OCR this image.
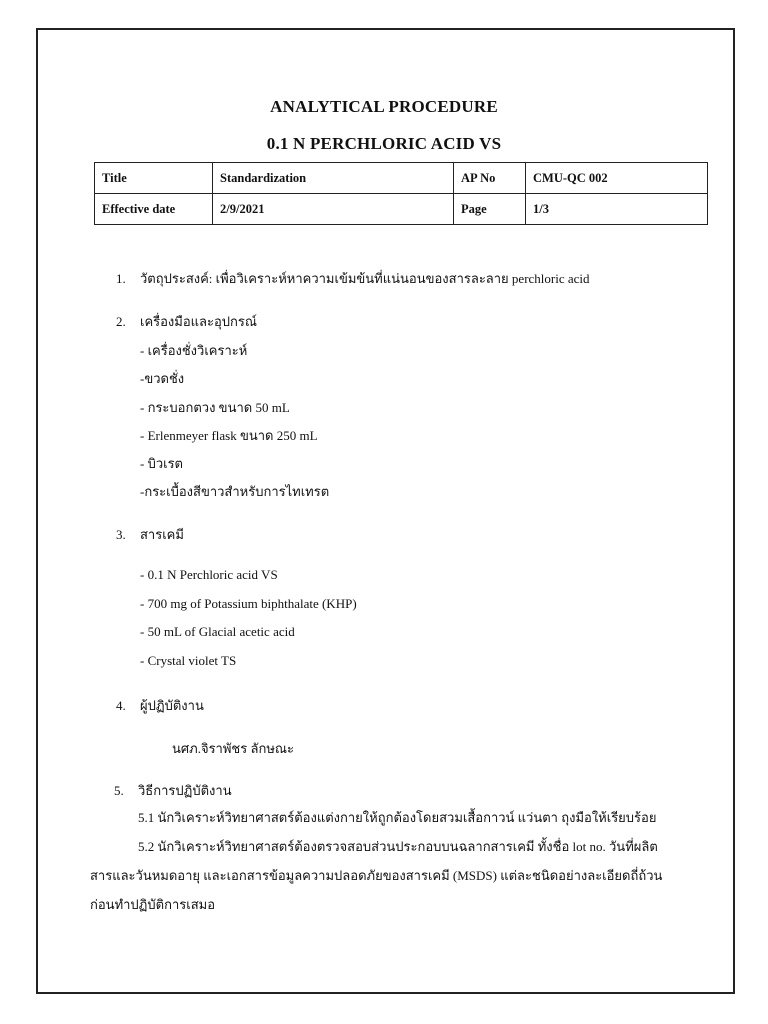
ANALYTICAL PROCEDURE
0.1 N PERCHLORIC ACID VS
Title	Standardization	AP No	CMU-QC 002
Effective date	2/9/2021	Page	1/3
1. วัตถุประสงค์: เพื่อวิเคราะห์หาความเข้มข้นที่แน่นอนของสารละลาย perchloric acid
2. เครื่องมือและอุปกรณ์
- เครื่องชั่งวิเคราะห์
-ขวดชั่ง
- กระบอกตวง ขนาด 50 mL
- Erlenmeyer flask ขนาด 250 mL
- บิวเรต
-กระเบื้องสีขาวสำหรับการไทเทรต
3. สารเคมี
- 0.1 N Perchloric acid VS
- 700 mg of Potassium biphthalate (KHP)
- 50 mL of Glacial acetic acid
- Crystal violet TS
4. ผู้ปฏิบัติงาน
นศภ.จิราพัชร ลักษณะ
5. วิธีการปฏิบัติงาน
5.1 นักวิเคราะห์วิทยาศาสตร์ต้องแต่งกายให้ถูกต้องโดยสวมเสื้อกาวน์ แว่นตา ถุงมือให้เรียบร้อย
5.2 นักวิเคราะห์วิทยาศาสตร์ต้องตรวจสอบส่วนประกอบบนฉลากสารเคมี ทั้งชื่อ lot no. วันที่ผลิต สารและวันหมดอายุ และเอกสารข้อมูลความปลอดภัยของสารเคมี (MSDS) แต่ละชนิดอย่างละเอียดถี่ถ้วน ก่อนทำปฏิบัติการเสมอ
